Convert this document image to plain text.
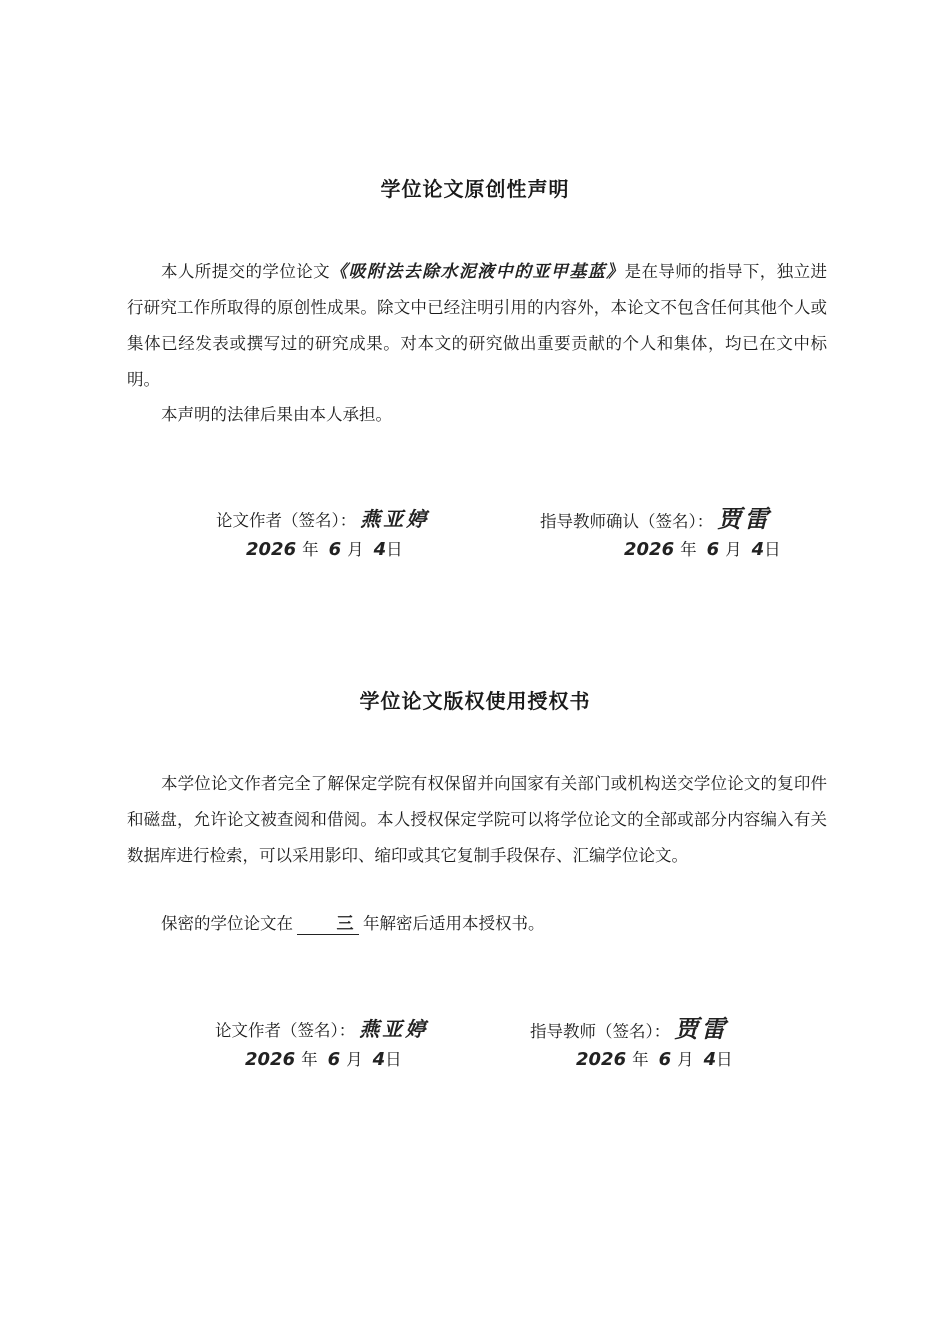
学位论文原创性声明
本人所提交的学位论文《吸附法去除水泥液中的亚甲基蓝》是在导师的指导下，独立进行研究工作所取得的原创性成果。除文中已经注明引用的内容外，本论文不包含任何其他个人或集体已经发表或撰写过的研究成果。对本文的研究做出重要贡献的个人和集体，均已在文中标明。
本声明的法律后果由本人承担。
论文作者（签名）： 燕亚婷
2026 年 6 月 4日
指导教师确认（签名）： 贾雷
2026 年 6 月 4日
学位论文版权使用授权书
本学位论文作者完全了解保定学院有权保留并向国家有关部门或机构送交学位论文的复印件和磁盘，允许论文被查阅和借阅。本人授权保定学院可以将学位论文的全部或部分内容编入有关数据库进行检索，可以采用影印、缩印或其它复制手段保存、汇编学位论文。
保密的学位论文在	三 年解密后适用本授权书。
论文作者（签名）： 燕亚婷
2026 年 6 月 4日
指导教师（签名）： 贾雷
2026 年 6 月 4日
